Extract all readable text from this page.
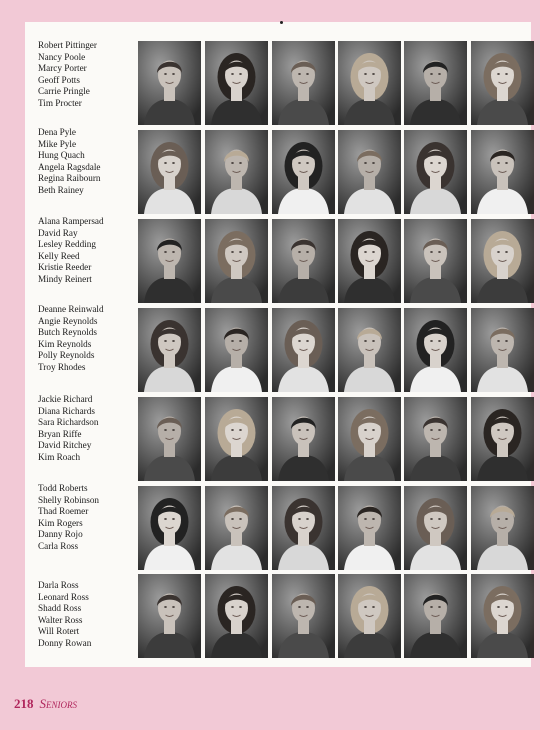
Robert Pittinger
Nancy Poole
Marcy Porter
Geoff Potts
Carrie Pringle
Tim Procter
Dena Pyle
Mike Pyle
Hung Quach
Angela Ragsdale
Regina Raibourn
Beth Rainey
Alana Rampersad
David Ray
Lesley Redding
Kelly Reed
Kristie Reeder
Mindy Reinert
Deanne Reinwald
Angie Reynolds
Butch Reynolds
Kim Reynolds
Polly Reynolds
Troy Rhodes
Jackie Richard
Diana Richards
Sara Richardson
Bryan Riffe
David Ritchey
Kim Roach
Todd Roberts
Shelly Robinson
Thad Roemer
Kim Rogers
Danny Rojo
Carla Ross
Darla Ross
Leonard Ross
Shadd Ross
Walter Ross
Will Rotert
Donny Rowan
218 Seniors
